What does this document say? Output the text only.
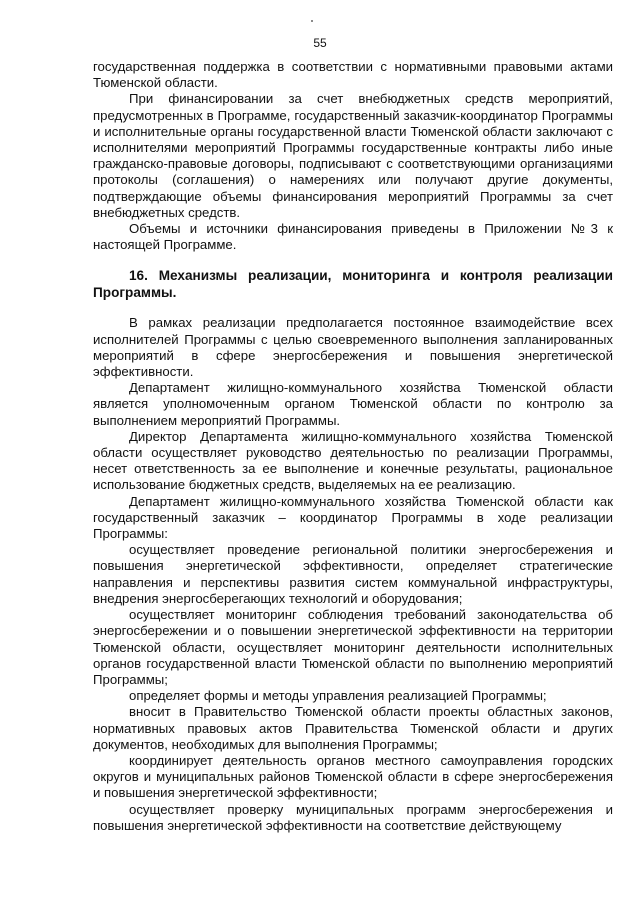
55

государственная поддержка в соответствии с нормативными правовыми актами Тюменской области.

При финансировании за счет внебюджетных средств мероприятий, предусмотренных в Программе, государственный заказчик-координатор Программы и исполнительные органы государственной власти Тюменской области заключают с исполнителями мероприятий Программы государственные контракты либо иные гражданско-правовые договоры, подписывают с соответствующими организациями протоколы (соглашения) о намерениях или получают другие документы, подтверждающие объемы финансирования мероприятий Программы за счет внебюджетных средств.

Объемы и источники финансирования приведены в Приложении №3 к настоящей Программе.

16. Механизмы реализации, мониторинга и контроля реализации Программы.

В рамках реализации предполагается постоянное взаимодействие всех исполнителей Программы с целью своевременного выполнения запланированных мероприятий в сфере энергосбережения и повышения энергетической эффективности.

Департамент жилищно-коммунального хозяйства Тюменской области является уполномоченным органом Тюменской области по контролю за выполнением мероприятий Программы.

Директор Департамента жилищно-коммунального хозяйства Тюменской области осуществляет руководство деятельностью по реализации Программы, несет ответственность за ее выполнение и конечные результаты, рациональное использование бюджетных средств, выделяемых на ее реализацию.

Департамент жилищно-коммунального хозяйства Тюменской области как государственный заказчик – координатор Программы в ходе реализации Программы:

осуществляет проведение региональной политики энергосбережения и повышения энергетической эффективности, определяет стратегические направления и перспективы развития систем коммунальной инфраструктуры, внедрения энергосберегающих технологий и оборудования;

осуществляет мониторинг соблюдения требований законодательства об энергосбережении и о повышении энергетической эффективности на территории Тюменской области, осуществляет мониторинг деятельности исполнительных органов государственной власти Тюменской области по выполнению мероприятий Программы;

определяет формы и методы управления реализацией Программы;

вносит в Правительство Тюменской области проекты областных законов, нормативных правовых актов Правительства Тюменской области и других документов, необходимых для выполнения Программы;

координирует деятельность органов местного самоуправления городских округов и муниципальных районов Тюменской области в сфере энергосбережения и повышения энергетической эффективности;

осуществляет проверку муниципальных программ энергосбережения и повышения энергетической эффективности на соответствие действующему
